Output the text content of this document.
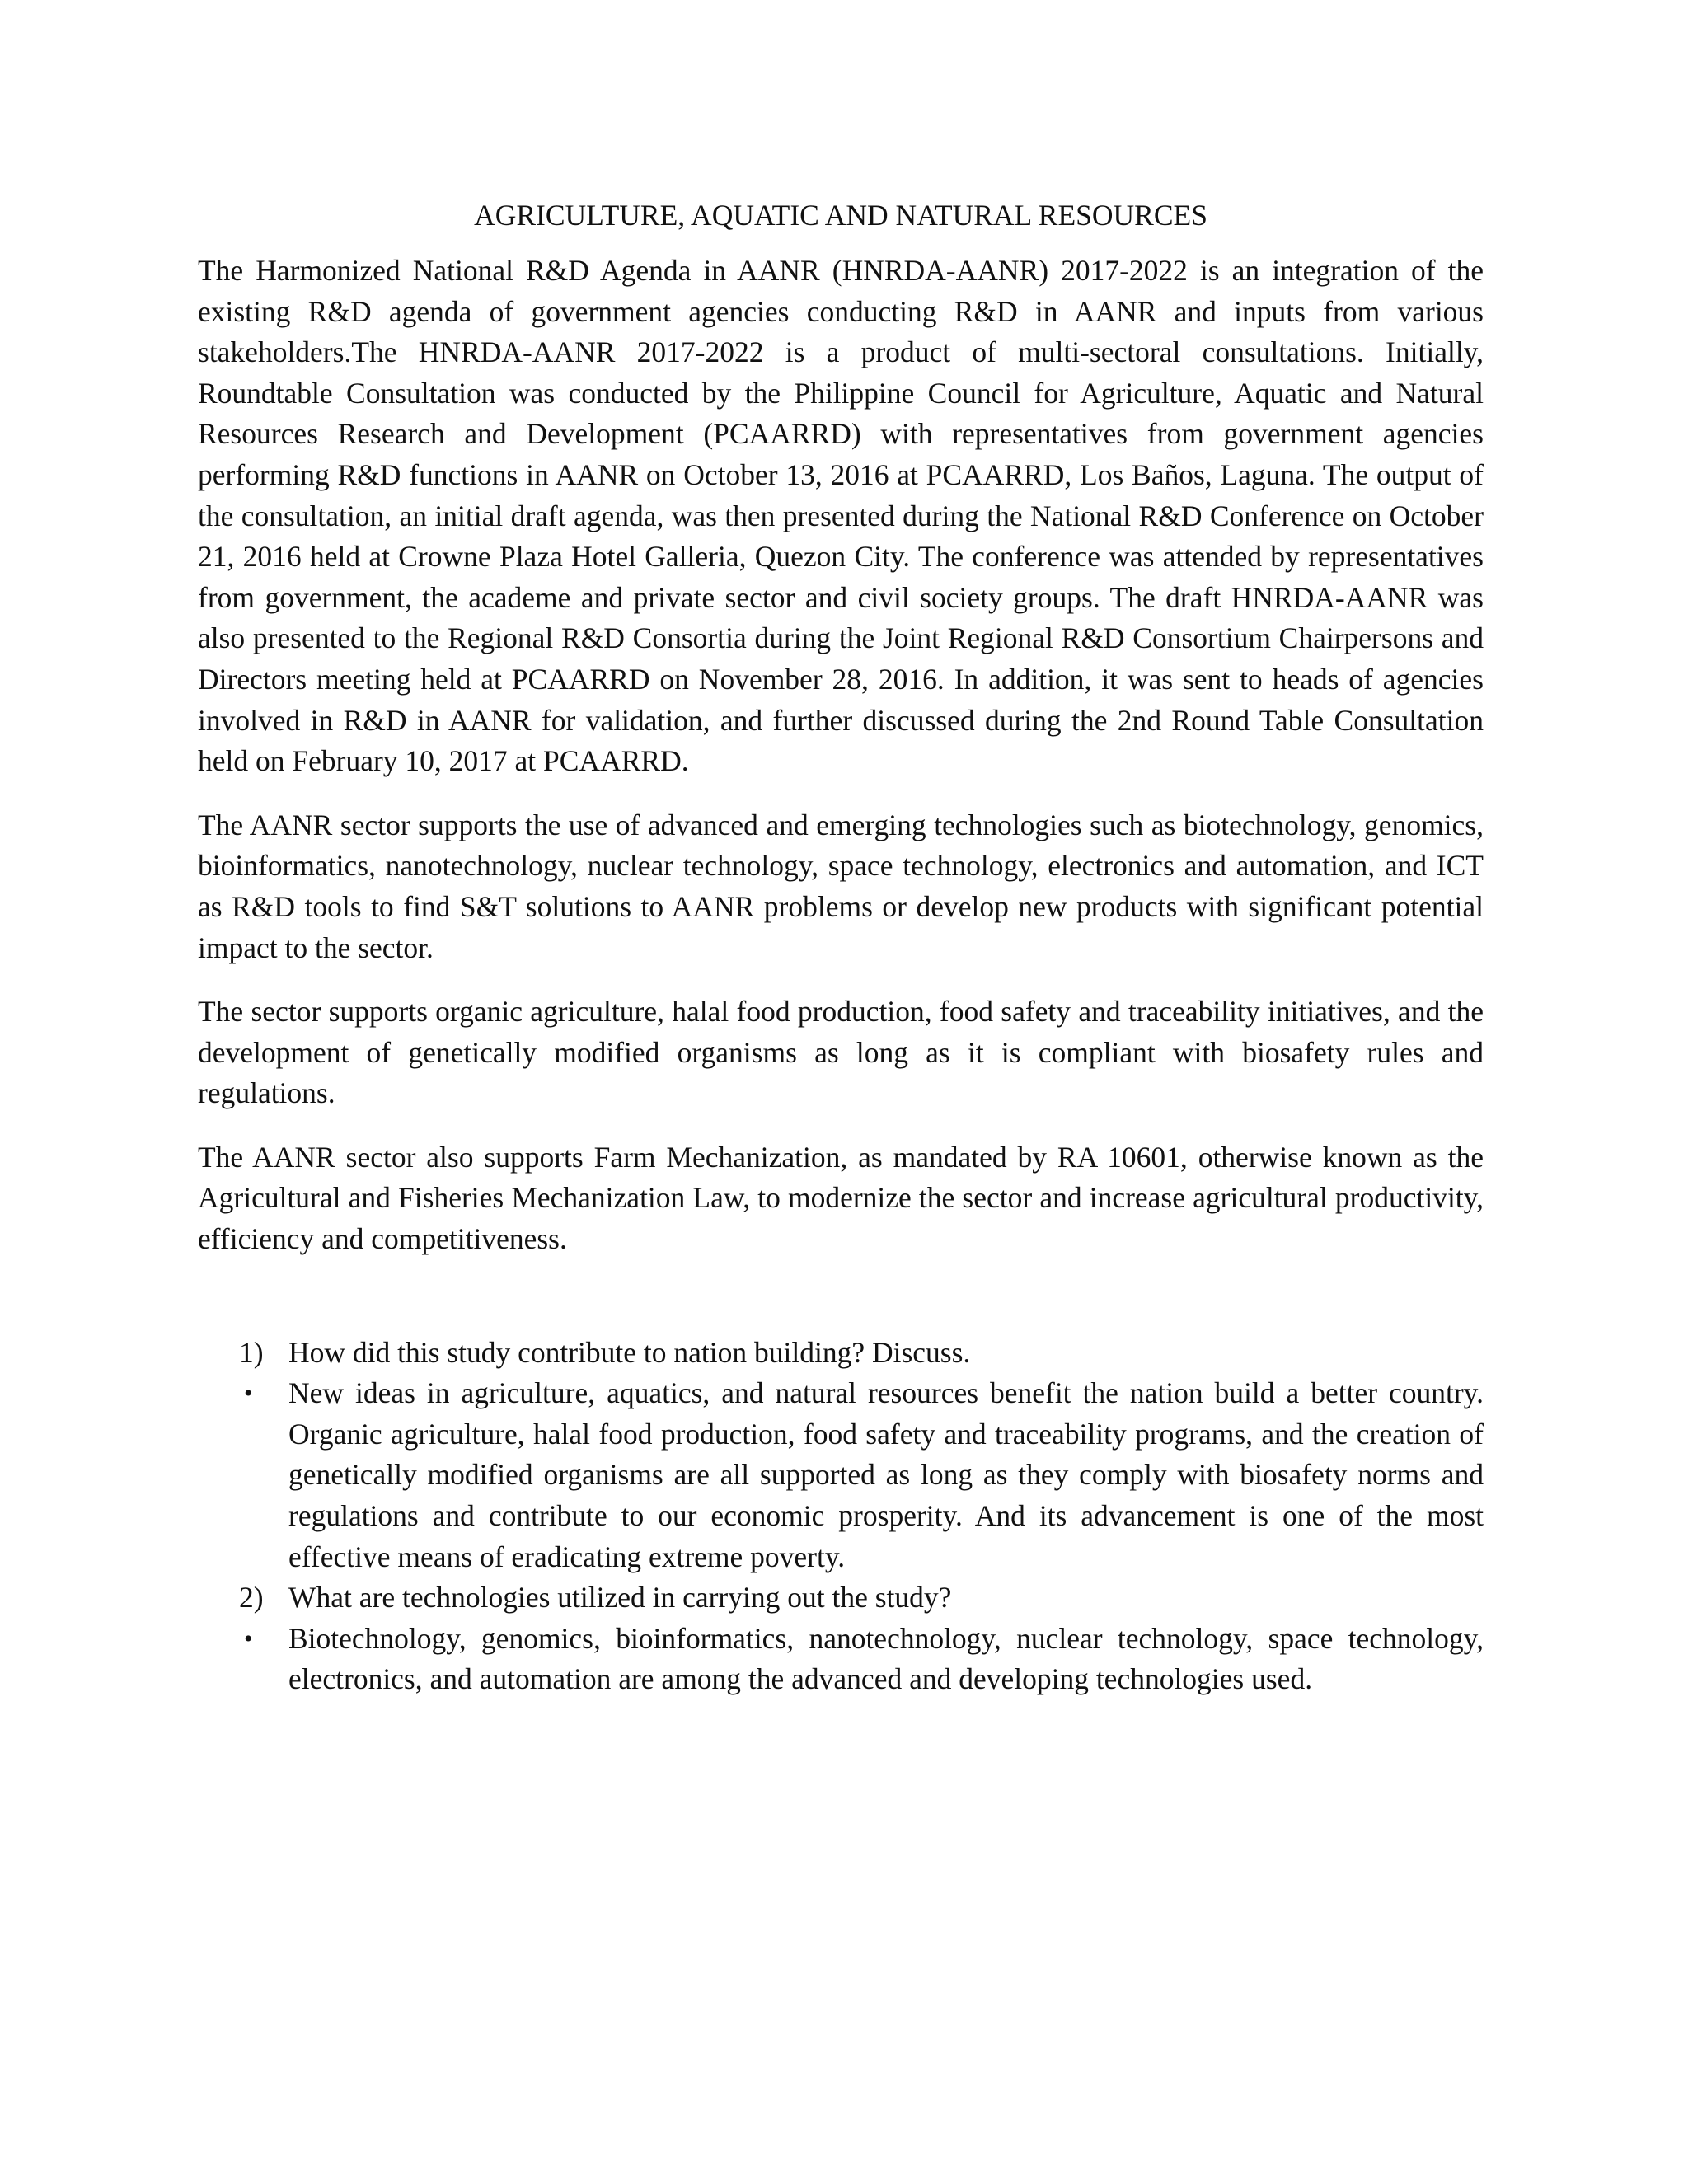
AGRICULTURE, AQUATIC AND NATURAL RESOURCES

The Harmonized National R&D Agenda in AANR (HNRDA-AANR) 2017-2022 is an integration of the existing R&D agenda of government agencies conducting R&D in AANR and inputs from various stakeholders.The HNRDA-AANR 2017-2022 is a product of multi-sectoral consultations. Initially, Roundtable Consultation was conducted by the Philippine Council for Agriculture, Aquatic and Natural Resources Research and Development (PCAARRD) with representatives from government agencies performing R&D functions in AANR on October 13, 2016 at PCAARRD, Los Baños, Laguna. The output of the consultation, an initial draft agenda, was then presented during the National R&D Conference on October 21, 2016 held at Crowne Plaza Hotel Galleria, Quezon City. The conference was attended by representatives from government, the academe and private sector and civil society groups. The draft HNRDA-AANR was also presented to the Regional R&D Consortia during the Joint Regional R&D Consortium Chairpersons and Directors meeting held at PCAARRD on November 28, 2016. In addition, it was sent to heads of agencies involved in R&D in AANR for validation, and further discussed during the 2nd Round Table Consultation held on February 10, 2017 at PCAARRD.

The AANR sector supports the use of advanced and emerging technologies such as biotechnology, genomics, bioinformatics, nanotechnology, nuclear technology, space technology, electronics and automation, and ICT as R&D tools to find S&T solutions to AANR problems or develop new products with significant potential impact to the sector.

The sector supports organic agriculture, halal food production, food safety and traceability initiatives, and the development of genetically modified organisms as long as it is compliant with biosafety rules and regulations.

The AANR sector also supports Farm Mechanization, as mandated by RA 10601, otherwise known as the Agricultural and Fisheries Mechanization Law, to modernize the sector and increase agricultural productivity, efficiency and competitiveness.

1) How did this study contribute to nation building? Discuss.
•	New ideas in agriculture, aquatics, and natural resources benefit the nation build a better country. Organic agriculture, halal food production, food safety and traceability programs, and the creation of genetically modified organisms are all supported as long as they comply with biosafety norms and regulations and contribute to our economic prosperity. And its advancement is one of the most effective means of eradicating extreme poverty.
2) What are technologies utilized in carrying out the study?
•	Biotechnology, genomics, bioinformatics, nanotechnology, nuclear technology, space technology, electronics, and automation are among the advanced and developing technologies used.
